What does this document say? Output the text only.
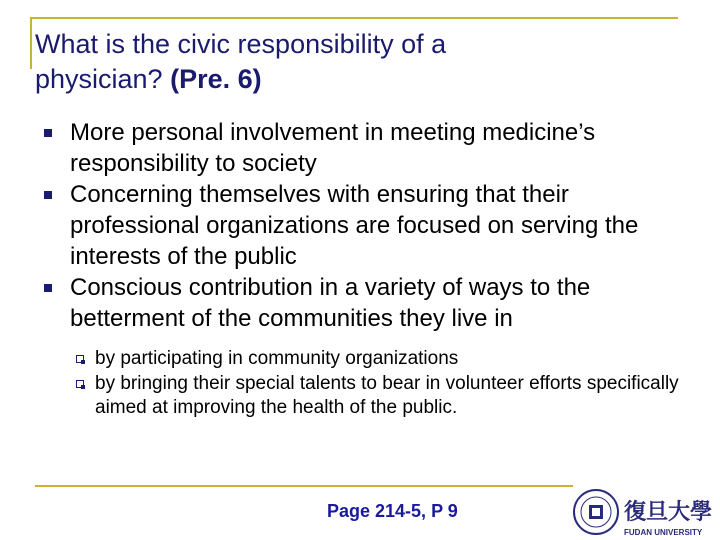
What is the civic responsibility of a
physician? (Pre. 6)
More personal involvement in meeting medicine’s responsibility to society
Concerning themselves with ensuring that their professional organizations are focused on serving the interests of the public
Conscious contribution in a variety of ways to the betterment of the communities they live in
by participating in community organizations
by bringing their special talents to bear in volunteer efforts specifically aimed at improving the health of the public.
Page 214-5, P 9	復旦大學
FUDAN UNIVERSITY
